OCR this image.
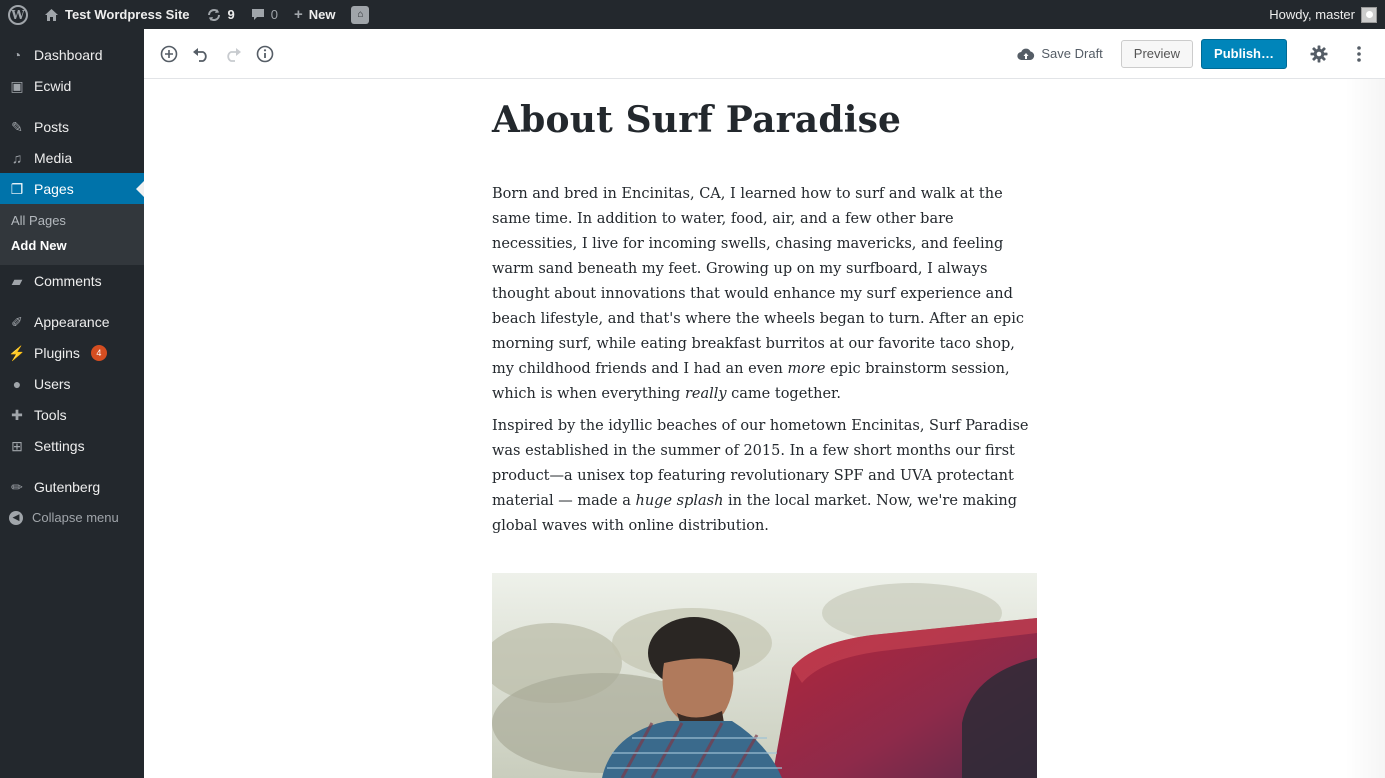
W	Test Wordpress Site	9	0 + New	⌂	Howdy, master
◔ Dashboard
▣ Ecwid
✎ Posts
♫ Media
❐ Pages
All Pages
Add New
▰ Comments
✐ Appearance
⚡ Plugins	4
● Users
✚ Tools
⊞ Settings
✏ Gutenberg
◀ Collapse menu
Save Draft	Preview	Publish…
About Surf Paradise

Born and bred in Encinitas, CA, I learned how to surf and walk at the same time. In addition to water, food, air, and a few other bare necessities, I live for incoming swells, chasing mavericks, and feeling warm sand beneath my feet. Growing up on my surfboard, I always thought about innovations that would enhance my surf experience and beach lifestyle, and that's where the wheels began to turn. After an epic morning surf, while eating breakfast burritos at our favorite taco shop, my childhood friends and I had an even more epic brainstorm session, which is when everything really came together.

Inspired by the idyllic beaches of our hometown Encinitas, Surf Paradise was established in the summer of 2015. In a few short months our first product—a unisex top featuring revolutionary SPF and UVA protectant material — made a huge splash in the local market. Now, we're making global waves with online distribution.
